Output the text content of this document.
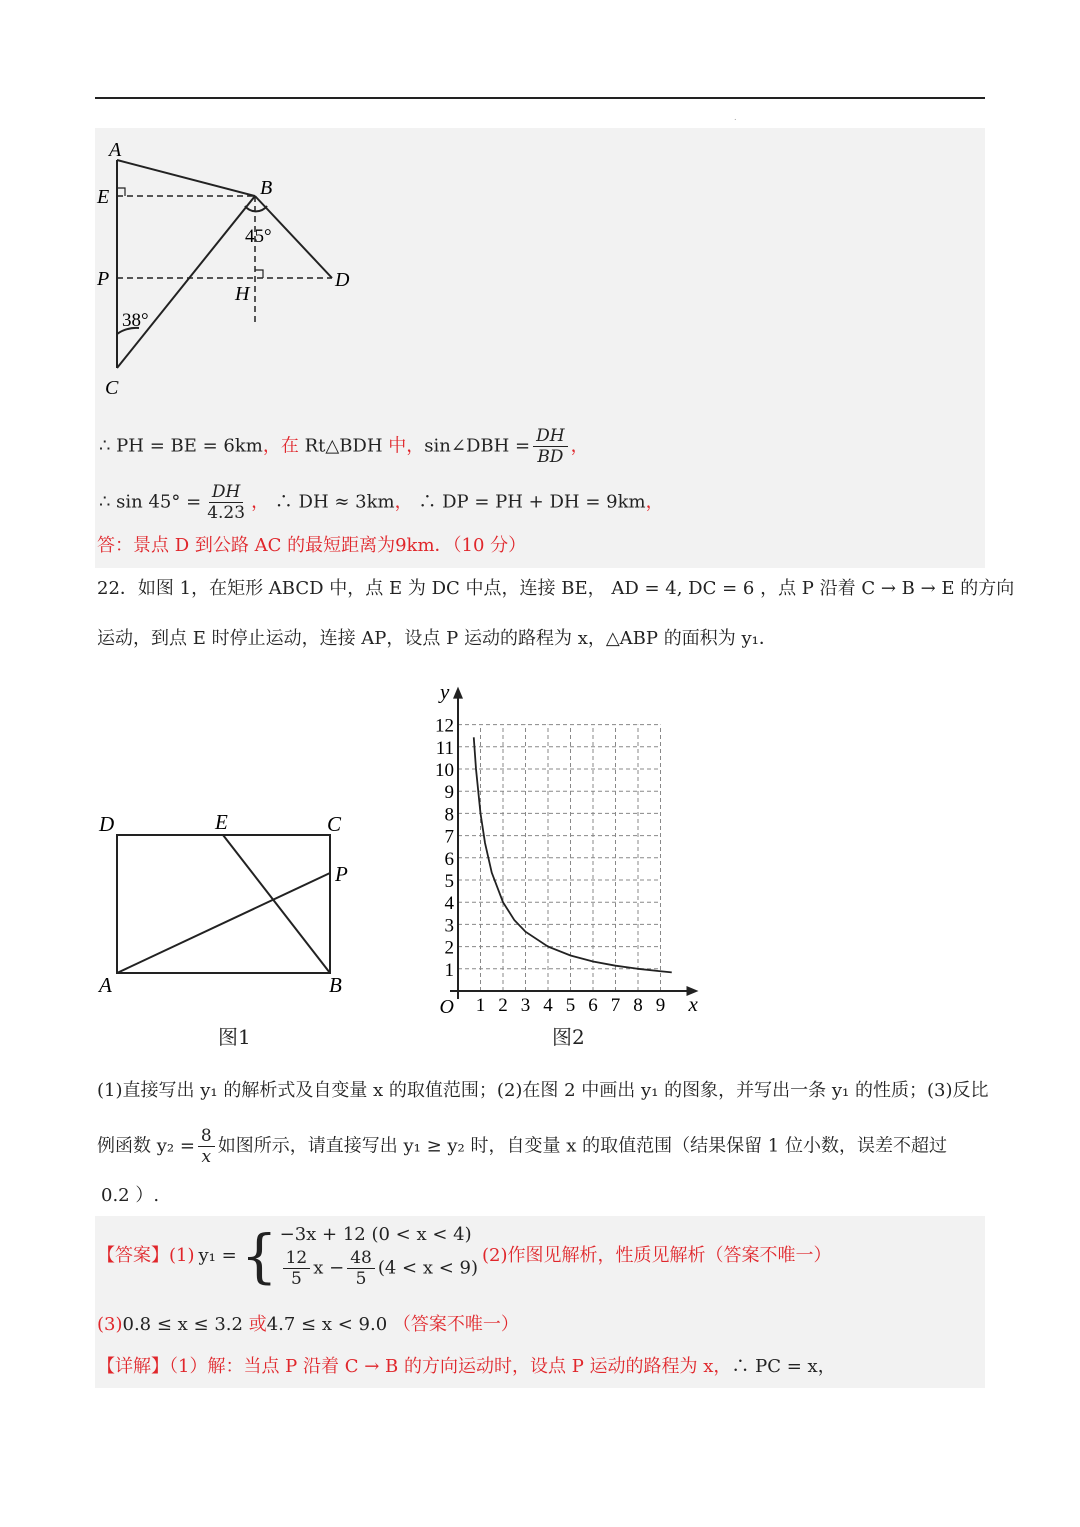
.
A
E	B
45°
P
H
D
38°
C
∴ PH = BE = 6km，在 Rt△BDH 中，sin∠DBH = $\frac{DH}{BD}$ ，
∴ $\sin 45^\circ = \frac{DH}{4.23}$ ， ∴ DH ≈ 3km， ∴ DP = PH + DH = 9km，
答：景点 D 到公路 AC 的最短距离为9km．（10 分）
22．如图 1，在矩形 ABCD 中，点 E 为 DC 中点，连接 BE， AD = 4, DC = 6 ，点 P 沿着 C → B → E 的方向
运动，到点 E 时停止运动，连接 AP，设点 P 运动的路程为 x，△ABP 的面积为 y₁．
D	E	C
P
A	B
图1
1 2 3 4 5 6 7 8 9
1
2
3
4
5
6
7
8
9
10
11
12
O	x
y
图2
(1)直接写出 y₁ 的解析式及自变量 x 的取值范围；(2)在图 2 中画出 y₁ 的图象，并写出一条 y₁ 的性质；(3)反比
例函数 $y_2 = \frac{8}{x}$ 如图所示，请直接写出 y₁ ≥ y₂ 时，自变量 x 的取值范围（结果保留 1 位小数，误差不超过
0.2 ）.
【答案】 (1) y₁ = { −3x + 12 (0 < x < 4)
$\frac{12}{5}$ $x - \frac{48}{5} (4 < x < 9)$
(2)作图见解析，性质见解析（答案不唯一）
(3)0.8 ≤ x ≤ 3.2 或4.7 ≤ x < 9.0 （答案不唯一）
【详解】（1）解：当点 P 沿着 C → B 的方向运动时，设点 P 运动的路程为 x，∴ PC = x，
